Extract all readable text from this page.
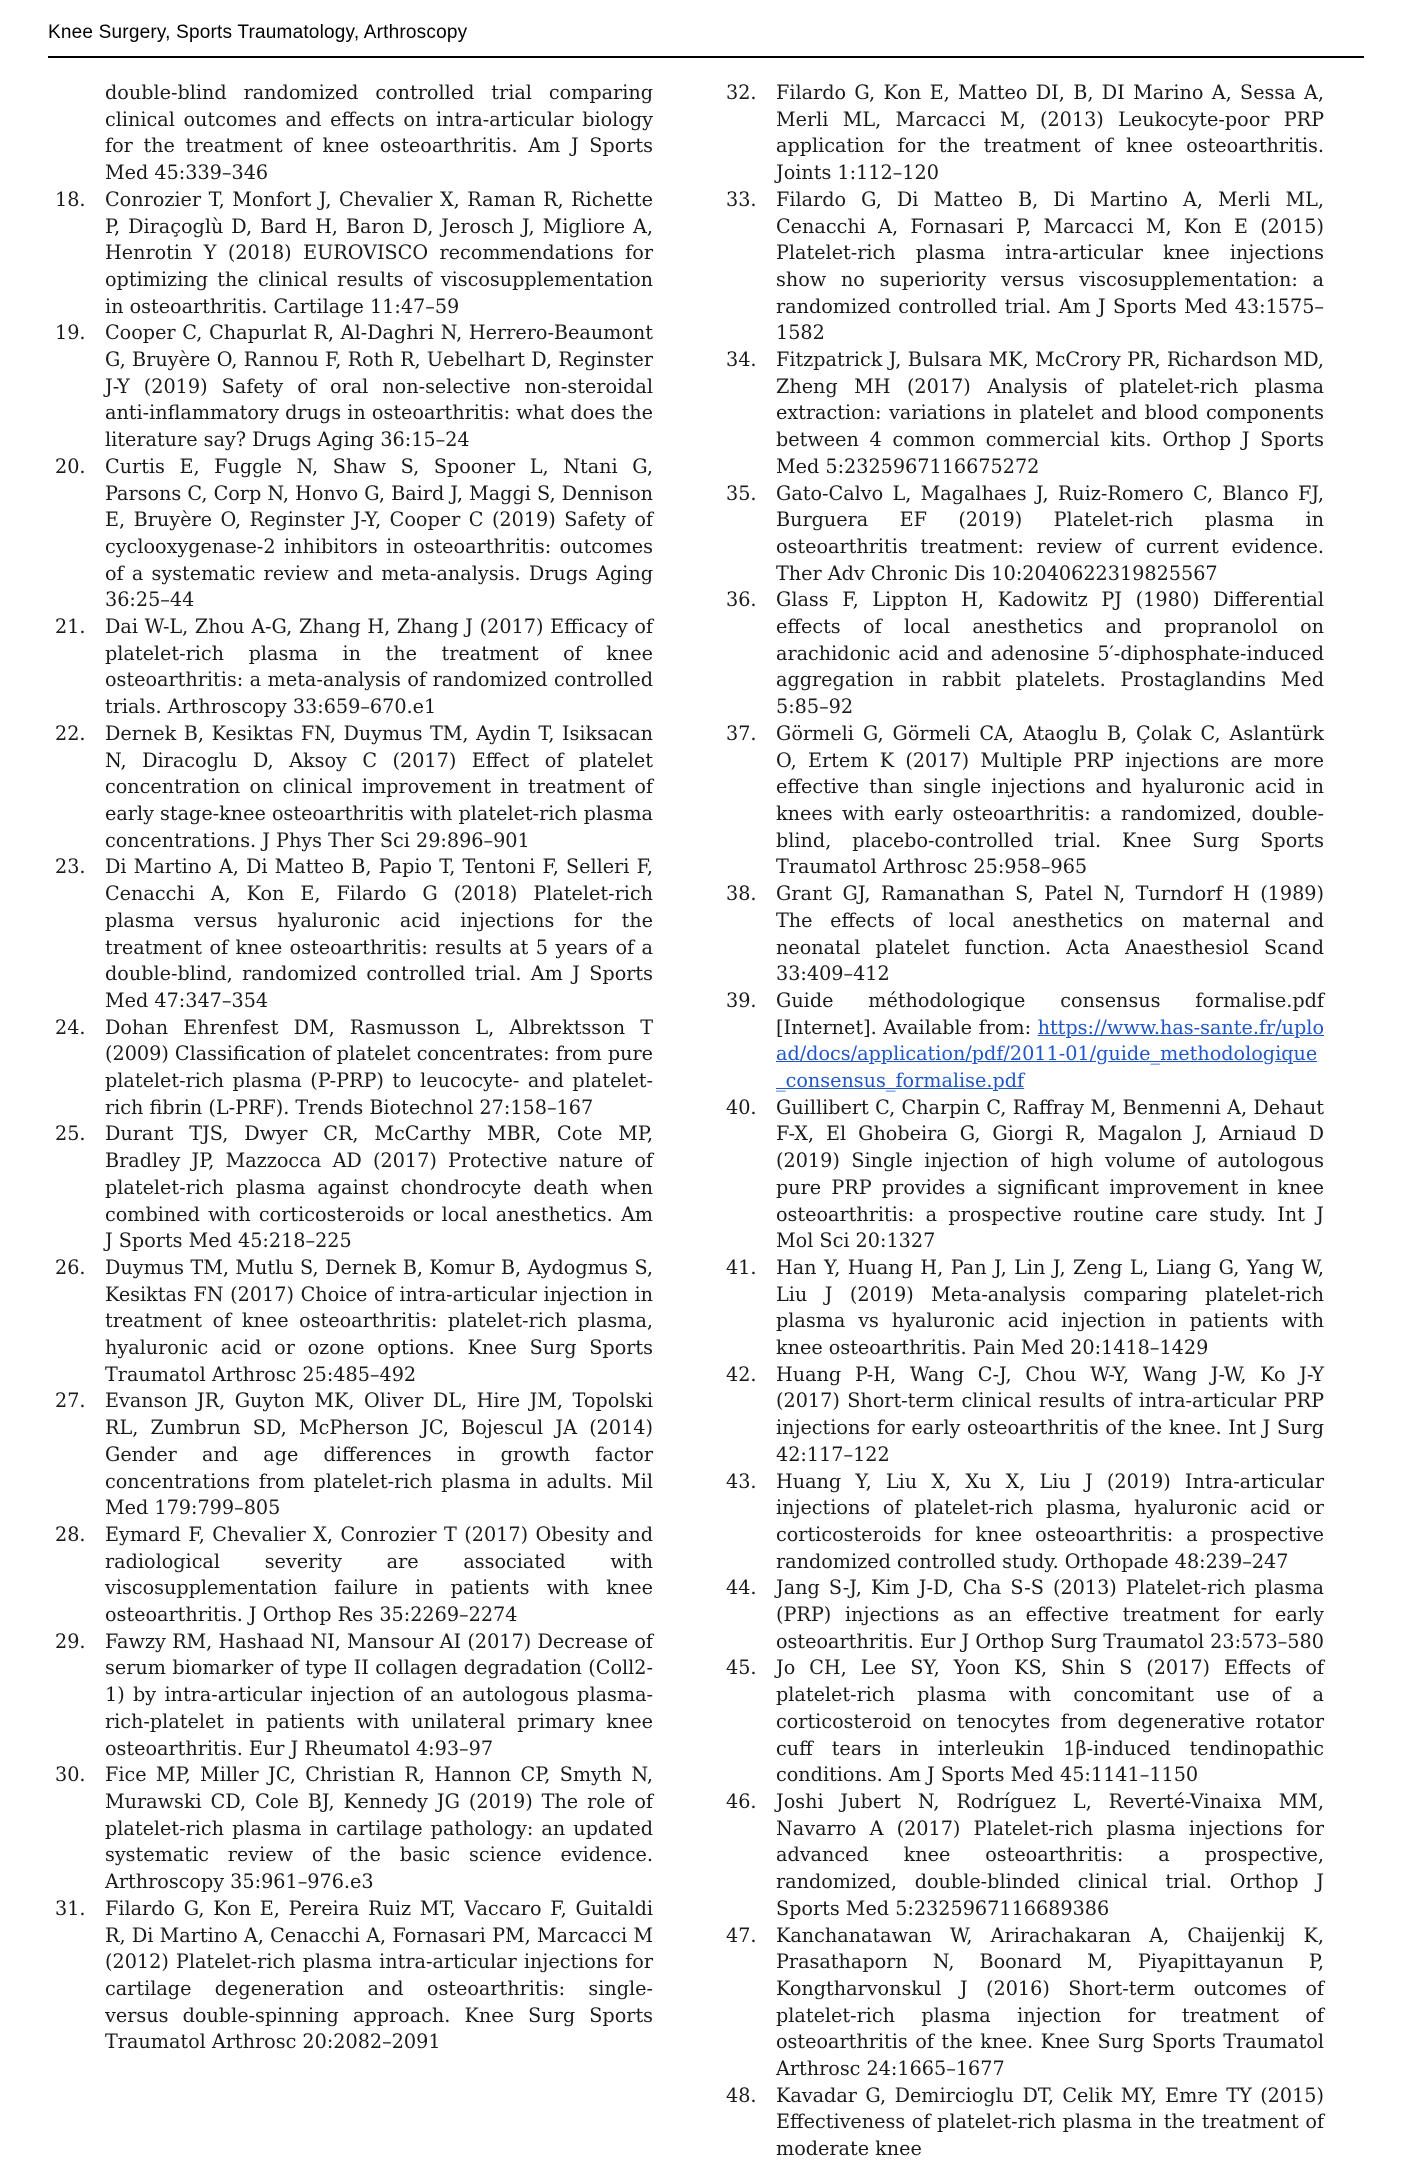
Knee Surgery, Sports Traumatology, Arthroscopy
double-blind randomized controlled trial comparing clinical outcomes and effects on intra-articular biology for the treatment of knee osteoarthritis. Am J Sports Med 45:339–346
18.	Conrozier T, Monfort J, Chevalier X, Raman R, Richette P, Diraçoglù D, Bard H, Baron D, Jerosch J, Migliore A, Henrotin Y (2018) EUROVISCO recommendations for optimizing the clinical results of viscosupplementation in osteoarthritis. Cartilage 11:47–59
19.	Cooper C, Chapurlat R, Al-Daghri N, Herrero-Beaumont G, Bruyère O, Rannou F, Roth R, Uebelhart D, Reginster J-Y (2019) Safety of oral non-selective non-steroidal anti-inflammatory drugs in osteoarthritis: what does the literature say? Drugs Aging 36:15–24
20.	Curtis E, Fuggle N, Shaw S, Spooner L, Ntani G, Parsons C, Corp N, Honvo G, Baird J, Maggi S, Dennison E, Bruyère O, Reginster J-Y, Cooper C (2019) Safety of cyclooxygenase-2 inhibitors in osteoarthritis: outcomes of a systematic review and meta-analysis. Drugs Aging 36:25–44
21.	Dai W-L, Zhou A-G, Zhang H, Zhang J (2017) Efficacy of platelet-rich plasma in the treatment of knee osteoarthritis: a meta-analysis of randomized controlled trials. Arthroscopy 33:659–670.e1
22.	Dernek B, Kesiktas FN, Duymus TM, Aydin T, Isiksacan N, Diracoglu D, Aksoy C (2017) Effect of platelet concentration on clinical improvement in treatment of early stage-knee osteoarthritis with platelet-rich plasma concentrations. J Phys Ther Sci 29:896–901
23.	Di Martino A, Di Matteo B, Papio T, Tentoni F, Selleri F, Cenacchi A, Kon E, Filardo G (2018) Platelet-rich plasma versus hyaluronic acid injections for the treatment of knee osteoarthritis: results at 5 years of a double-blind, randomized controlled trial. Am J Sports Med 47:347–354
24.	Dohan Ehrenfest DM, Rasmusson L, Albrektsson T (2009) Classification of platelet concentrates: from pure platelet-rich plasma (P-PRP) to leucocyte- and platelet-rich fibrin (L-PRF). Trends Biotechnol 27:158–167
25.	Durant TJS, Dwyer CR, McCarthy MBR, Cote MP, Bradley JP, Mazzocca AD (2017) Protective nature of platelet-rich plasma against chondrocyte death when combined with corticosteroids or local anesthetics. Am J Sports Med 45:218–225
26.	Duymus TM, Mutlu S, Dernek B, Komur B, Aydogmus S, Kesiktas FN (2017) Choice of intra-articular injection in treatment of knee osteoarthritis: platelet-rich plasma, hyaluronic acid or ozone options. Knee Surg Sports Traumatol Arthrosc 25:485–492
27.	Evanson JR, Guyton MK, Oliver DL, Hire JM, Topolski RL, Zumbrun SD, McPherson JC, Bojescul JA (2014) Gender and age differences in growth factor concentrations from platelet-rich plasma in adults. Mil Med 179:799–805
28.	Eymard F, Chevalier X, Conrozier T (2017) Obesity and radiological severity are associated with viscosupplementation failure in patients with knee osteoarthritis. J Orthop Res 35:2269–2274
29.	Fawzy RM, Hashaad NI, Mansour AI (2017) Decrease of serum biomarker of type II collagen degradation (Coll2-1) by intra-articular injection of an autologous plasma-rich-platelet in patients with unilateral primary knee osteoarthritis. Eur J Rheumatol 4:93–97
30.	Fice MP, Miller JC, Christian R, Hannon CP, Smyth N, Murawski CD, Cole BJ, Kennedy JG (2019) The role of platelet-rich plasma in cartilage pathology: an updated systematic review of the basic science evidence. Arthroscopy 35:961–976.e3
31.	Filardo G, Kon E, Pereira Ruiz MT, Vaccaro F, Guitaldi R, Di Martino A, Cenacchi A, Fornasari PM, Marcacci M (2012) Platelet-rich plasma intra-articular injections for cartilage degeneration and osteoarthritis: single- versus double-spinning approach. Knee Surg Sports Traumatol Arthrosc 20:2082–2091
32.	Filardo G, Kon E, Matteo DI, B, DI Marino A, Sessa A, Merli ML, Marcacci M, (2013) Leukocyte-poor PRP application for the treatment of knee osteoarthritis. Joints 1:112–120
33.	Filardo G, Di Matteo B, Di Martino A, Merli ML, Cenacchi A, Fornasari P, Marcacci M, Kon E (2015) Platelet-rich plasma intra-articular knee injections show no superiority versus viscosupplementation: a randomized controlled trial. Am J Sports Med 43:1575–1582
34.	Fitzpatrick J, Bulsara MK, McCrory PR, Richardson MD, Zheng MH (2017) Analysis of platelet-rich plasma extraction: variations in platelet and blood components between 4 common commercial kits. Orthop J Sports Med 5:2325967116675272
35.	Gato-Calvo L, Magalhaes J, Ruiz-Romero C, Blanco FJ, Burguera EF (2019) Platelet-rich plasma in osteoarthritis treatment: review of current evidence. Ther Adv Chronic Dis 10:2040622319825567
36.	Glass F, Lippton H, Kadowitz PJ (1980) Differential effects of local anesthetics and propranolol on arachidonic acid and adenosine 5′-diphosphate-induced aggregation in rabbit platelets. Prostaglandins Med 5:85–92
37.	Görmeli G, Görmeli CA, Ataoglu B, Çolak C, Aslantürk O, Ertem K (2017) Multiple PRP injections are more effective than single injections and hyaluronic acid in knees with early osteoarthritis: a randomized, double-blind, placebo-controlled trial. Knee Surg Sports Traumatol Arthrosc 25:958–965
38.	Grant GJ, Ramanathan S, Patel N, Turndorf H (1989) The effects of local anesthetics on maternal and neonatal platelet function. Acta Anaesthesiol Scand 33:409–412
39.	Guide méthodologique consensus formalise.pdf [Internet]. Available from: https://www.has-sante.fr/upload/docs/application/pdf/2011-01/guide_methodologique_consensus_formalise.pdf
40.	Guillibert C, Charpin C, Raffray M, Benmenni A, Dehaut F-X, El Ghobeira G, Giorgi R, Magalon J, Arniaud D (2019) Single injection of high volume of autologous pure PRP provides a significant improvement in knee osteoarthritis: a prospective routine care study. Int J Mol Sci 20:1327
41.	Han Y, Huang H, Pan J, Lin J, Zeng L, Liang G, Yang W, Liu J (2019) Meta-analysis comparing platelet-rich plasma vs hyaluronic acid injection in patients with knee osteoarthritis. Pain Med 20:1418–1429
42.	Huang P-H, Wang C-J, Chou W-Y, Wang J-W, Ko J-Y (2017) Short-term clinical results of intra-articular PRP injections for early osteoarthritis of the knee. Int J Surg 42:117–122
43.	Huang Y, Liu X, Xu X, Liu J (2019) Intra-articular injections of platelet-rich plasma, hyaluronic acid or corticosteroids for knee osteoarthritis: a prospective randomized controlled study. Orthopade 48:239–247
44.	Jang S-J, Kim J-D, Cha S-S (2013) Platelet-rich plasma (PRP) injections as an effective treatment for early osteoarthritis. Eur J Orthop Surg Traumatol 23:573–580
45.	Jo CH, Lee SY, Yoon KS, Shin S (2017) Effects of platelet-rich plasma with concomitant use of a corticosteroid on tenocytes from degenerative rotator cuff tears in interleukin 1β-induced tendinopathic conditions. Am J Sports Med 45:1141–1150
46.	Joshi Jubert N, Rodríguez L, Reverté-Vinaixa MM, Navarro A (2017) Platelet-rich plasma injections for advanced knee osteoarthritis: a prospective, randomized, double-blinded clinical trial. Orthop J Sports Med 5:2325967116689386
47.	Kanchanatawan W, Arirachakaran A, Chaijenkij K, Prasathaporn N, Boonard M, Piyapittayanun P, Kongtharvonskul J (2016) Short-term outcomes of platelet-rich plasma injection for treatment of osteoarthritis of the knee. Knee Surg Sports Traumatol Arthrosc 24:1665–1677
48.	Kavadar G, Demircioglu DT, Celik MY, Emre TY (2015) Effectiveness of platelet-rich plasma in the treatment of moderate knee
